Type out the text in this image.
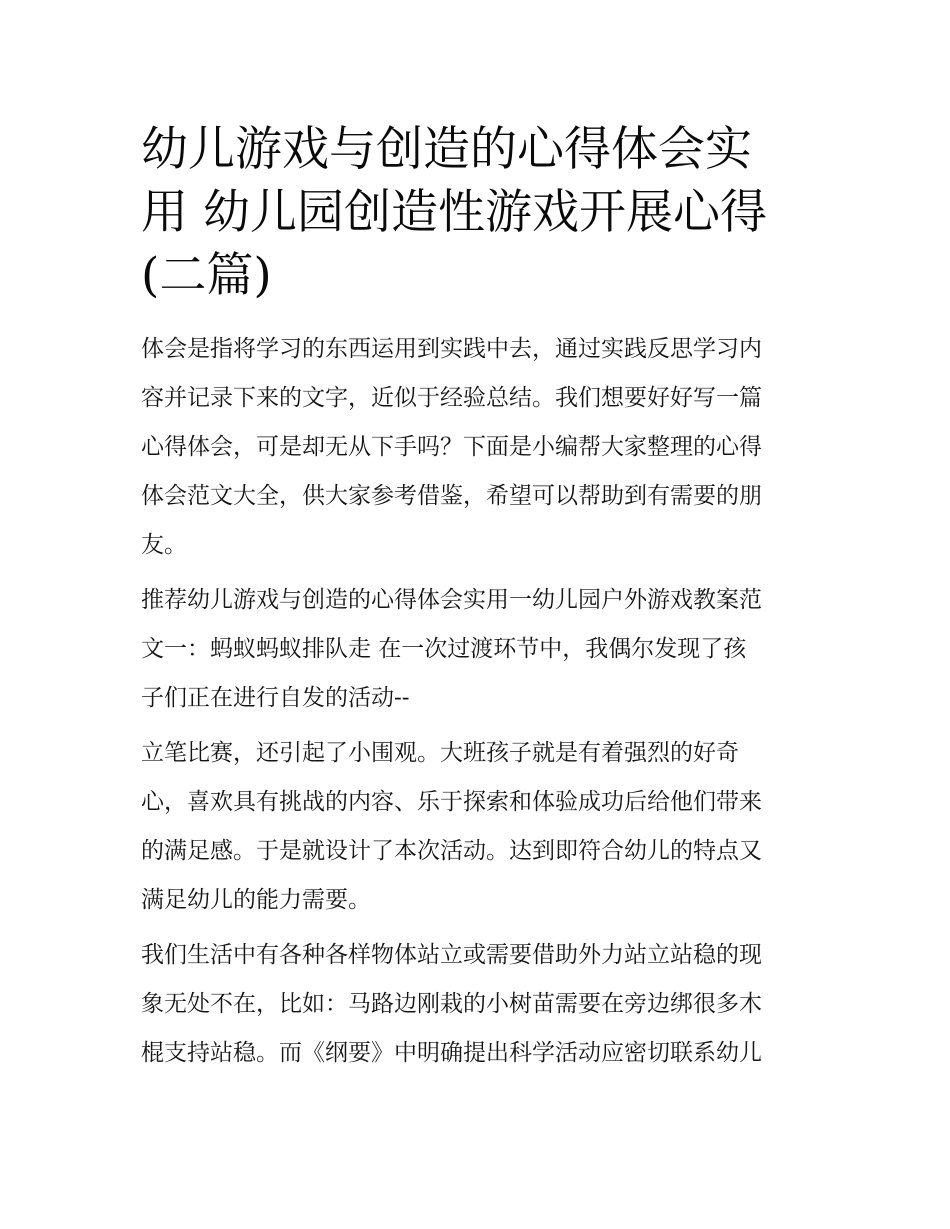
幼儿游戏与创造的心得体会实
用 幼儿园创造性游戏开展心得
(二篇)

体会是指将学习的东西运用到实践中去，通过实践反思学习内
容并记录下来的文字，近似于经验总结。我们想要好好写一篇
心得体会，可是却无从下手吗？下面是小编帮大家整理的心得
体会范文大全，供大家参考借鉴，希望可以帮助到有需要的朋
友。

推荐幼儿游戏与创造的心得体会实用一幼儿园户外游戏教案范
文一：蚂蚁蚂蚁排队走 在一次过渡环节中，我偶尔发现了孩
子们正在进行自发的活动--

立笔比赛，还引起了小围观。大班孩子就是有着强烈的好奇
心，喜欢具有挑战的内容、乐于探索和体验成功后给他们带来
的满足感。于是就设计了本次活动。达到即符合幼儿的特点又
满足幼儿的能力需要。

我们生活中有各种各样物体站立或需要借助外力站立站稳的现
象无处不在，比如：马路边刚栽的小树苗需要在旁边绑很多木
棍支持站稳。而《纲要》中明确提出科学活动应密切联系幼儿
